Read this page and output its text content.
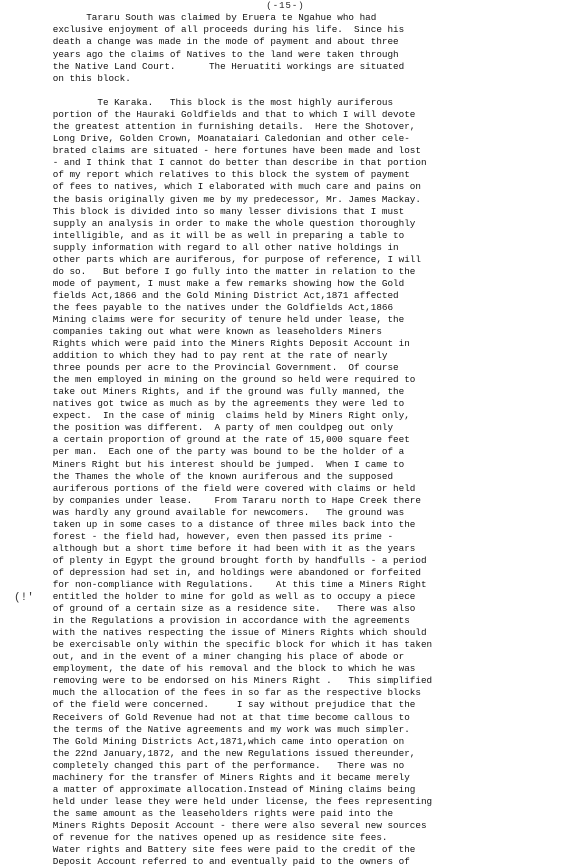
(-15-)
(!'
Tararu South was claimed by Eruera te Ngahue who had
exclusive enjoyment of all proceeds during his life.  Since his
death a change was made in the mode of payment and about three
years ago the claims of Natives to the land were taken through
the Native Land Court.      The Heruatiti workings are situated
on this block.
Te Karaka.   This block is the most highly auriferous
portion of the Hauraki Goldfields and that to which I will devote
the greatest attention in furnishing details.  Here the Shotover,
Long Drive, Golden Crown, Moanataiari Caledonian and other cele-
brated claims are situated - here fortunes have been made and lost
- and I think that I cannot do better than describe in that portion
of my report which relatives to this block the system of payment
of fees to natives, which I elaborated with much care and pains on
the basis originally given me by my predecessor, Mr. James Mackay.
This block is divided into so many lesser divisions that I must
supply an analysis in order to make the whole question thoroughly
intelligible, and as it will be as well in preparing a table to
supply information with regard to all other native holdings in
other parts which are auriferous, for purpose of reference, I will
do so.   But before I go fully into the matter in relation to the
mode of payment, I must make a few remarks showing how the Gold
fields Act,1866 and the Gold Mining District Act,1871 affected
the fees payable to the natives under the Goldfields Act,1866
Mining claims were for security of tenure held under lease, the
companies taking out what were known as leaseholders Miners
Rights which were paid into the Miners Rights Deposit Account in
addition to which they had to pay rent at the rate of nearly
three pounds per acre to the Provincial Government.  Of course
the men employed in mining on the ground so held were required to
take out Miners Rights, and if the ground was fully manned, the
natives got twice as much as by the agreements they were led to
expect.  In the case of minig  claims held by Miners Right only,
the position was different.  A party of men couldpeg out only
a certain proportion of ground at the rate of 15,000 square feet
per man.  Each one of the party was bound to be the holder of a
Miners Right but his interest should be jumped.  When I came to
the Thames the whole of the known auriferous and the supposed
auriferous portions of the field were covered with claims or held
by companies under lease.    From Tararu north to Hape Creek there
was hardly any ground available for newcomers.   The ground was
taken up in some cases to a distance of three miles back into the
forest - the field had, however, even then passed its prime -
although but a short time before it had been with it as the years
of plenty in Egypt the ground brought forth by handfulls - a period
of depression had set in, and holdings were abandoned or forfeited
for non-compliance with Regulations.    At this time a Miners Right
entitled the holder to mine for gold as well as to occupy a piece
of ground of a certain size as a residence site.   There was also
in the Regulations a provision in accordance with the agreements
with the natives respecting the issue of Miners Rights which should
be exercisable only within the specific block for which it has taken
out, and in the event of a miner changing his place of abode or
employment, the date of his removal and the block to which he was
removing were to be endorsed on his Miners Right .   This simplified
much the allocation of the fees in so far as the respective blocks
of the field were concerned.     I say without prejudice that the
Receivers of Gold Revenue had not at that time become callous to
the terms of the Native agreements and my work was much simpler.
The Gold Mining Districts Act,1871,which came into operation on
the 22nd January,1872, and the new Regulations issued thereunder,
completely changed this part of the performance.   There was no
machinery for the transfer of Miners Rights and it became merely
a matter of approximate allocation.Instead of Mining claims being
held under lease they were held under license, the fees representing
the same amount as the leaseholders rights were paid into the
Miners Rights Deposit Account - there were also several new sources
of revenue for the natives opened up as residence site fees.
Water rights and Battery site fees were paid to the credit of the
Deposit Account referred to and eventually paid to the owners of
